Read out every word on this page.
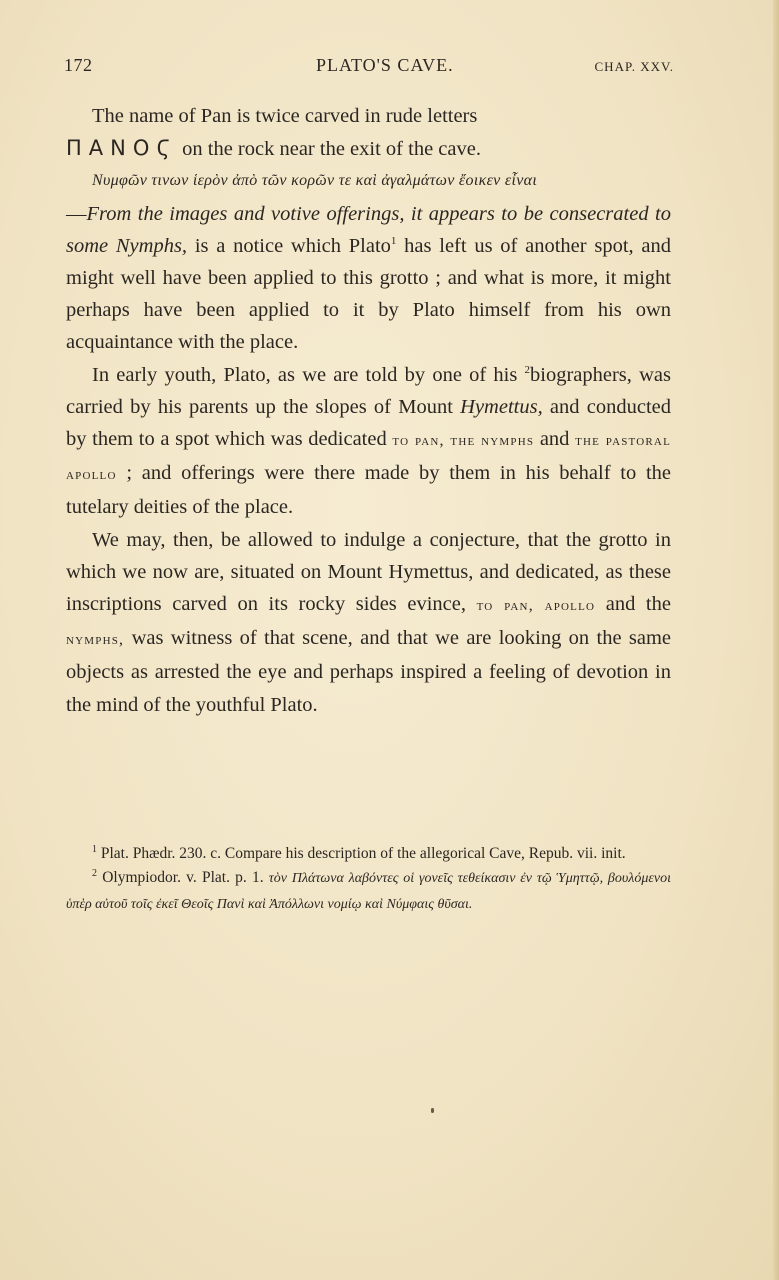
172	PLATO'S CAVE.	CHAP. XXV.

The name of Pan is twice carved in rude letters
ΠΑΝΟϚ on the rock near the exit of the cave.

Νυμφῶν τινων ἱερὸν ἀπὸ τῶν κορῶν τε καὶ ἀγαλμάτων ἔοικεν εἶναι
—From the images and votive offerings, it appears to be consecrated to some Nymphs, is a notice which Plato$^1$ has left us of another spot, and might well have been applied to this grotto ; and what is more, it might perhaps have been applied to it by Plato himself from his own acquaintance with the place.

In early youth, Plato, as we are told by one of his $^2$biographers, was carried by his parents up the slopes of Mount Hymettus, and conducted by them to a spot which was dedicated to pan, the nymphs and the pastoral apollo ; and offerings were there made by them in his behalf to the tutelary deities of the place.

We may, then, be allowed to indulge a conjecture, that the grotto in which we now are, situated on Mount Hymettus, and dedicated, as these inscriptions carved on its rocky sides evince, to pan, apollo and the nymphs, was witness of that scene, and that we are looking on the same objects as arrested the eye and perhaps inspired a feeling of devotion in the mind of the youthful Plato.

$^1$ Plat. Phædr. 230. c. Compare his description of the allegorical Cave, Repub. vii. init.

$^2$ Olympiodor. v. Plat. p. 1. τὸν Πλάτωνα λαβόντες οἱ γονεῖς τεθείκασιν ἐν τῷ Ὑμηττῷ, βουλόμενοι ὑπὲρ αὐτοῦ τοῖς ἐκεῖ Θεοῖς Πανὶ καὶ Ἀπόλλωνι νομίῳ καὶ Νύμφαις θῦσαι.
